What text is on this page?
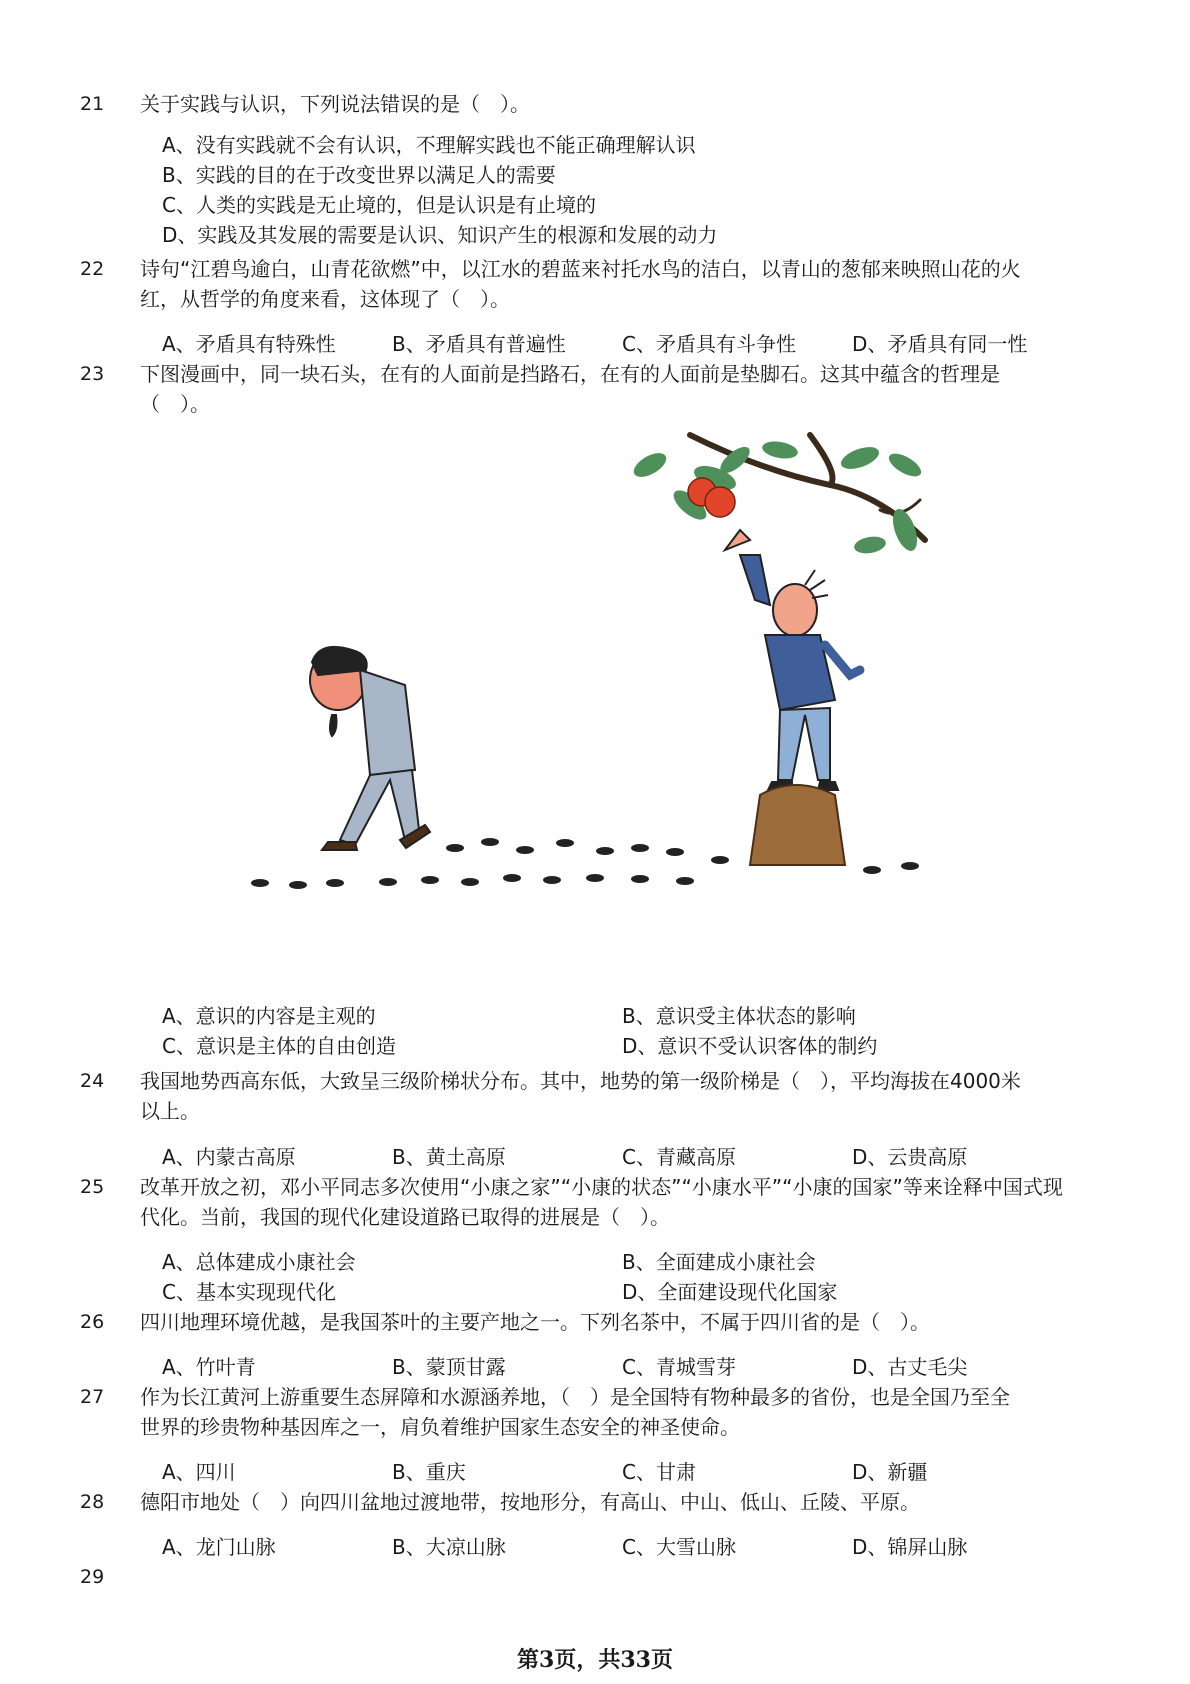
21	关于实践与认识，下列说法错误的是（　）。
A、没有实践就不会有认识，不理解实践也不能正确理解认识
B、实践的目的在于改变世界以满足人的需要
C、人类的实践是无止境的，但是认识是有止境的
D、实践及其发展的需要是认识、知识产生的根源和发展的动力
22	诗句“江碧鸟逾白，山青花欲燃”中，以江水的碧蓝来衬托水鸟的洁白，以青山的葱郁来映照山花的火
红，从哲学的角度来看，这体现了（　）。
A、矛盾具有特殊性	B、矛盾具有普遍性	C、矛盾具有斗争性	D、矛盾具有同一性
23	下图漫画中，同一块石头，在有的人面前是挡路石，在有的人面前是垫脚石。这其中蕴含的哲理是
（　）。
A、意识的内容是主观的	B、意识受主体状态的影响
C、意识是主体的自由创造	D、意识不受认识客体的制约
24	我国地势西高东低，大致呈三级阶梯状分布。其中，地势的第一级阶梯是（　），平均海拔在4000米
以上。
A、内蒙古高原	B、黄土高原	C、青藏高原	D、云贵高原
25	改革开放之初，邓小平同志多次使用“小康之家”“小康的状态”“小康水平”“小康的国家”等来诠释中国式现
代化。当前，我国的现代化建设道路已取得的进展是（　）。
A、总体建成小康社会	B、全面建成小康社会
C、基本实现现代化	D、全面建设现代化国家
26	四川地理环境优越，是我国茶叶的主要产地之一。下列名茶中，不属于四川省的是（　）。
A、竹叶青	B、蒙顶甘露	C、青城雪芽	D、古丈毛尖
27	作为长江黄河上游重要生态屏障和水源涵养地，（　）是全国特有物种最多的省份，也是全国乃至全
世界的珍贵物种基因库之一，肩负着维护国家生态安全的神圣使命。
A、四川	B、重庆	C、甘肃	D、新疆
28	德阳市地处（　）向四川盆地过渡地带，按地形分，有高山、中山、低山、丘陵、平原。
A、龙门山脉	B、大凉山脉	C、大雪山脉	D、锦屏山脉
29
第3页，共33页
